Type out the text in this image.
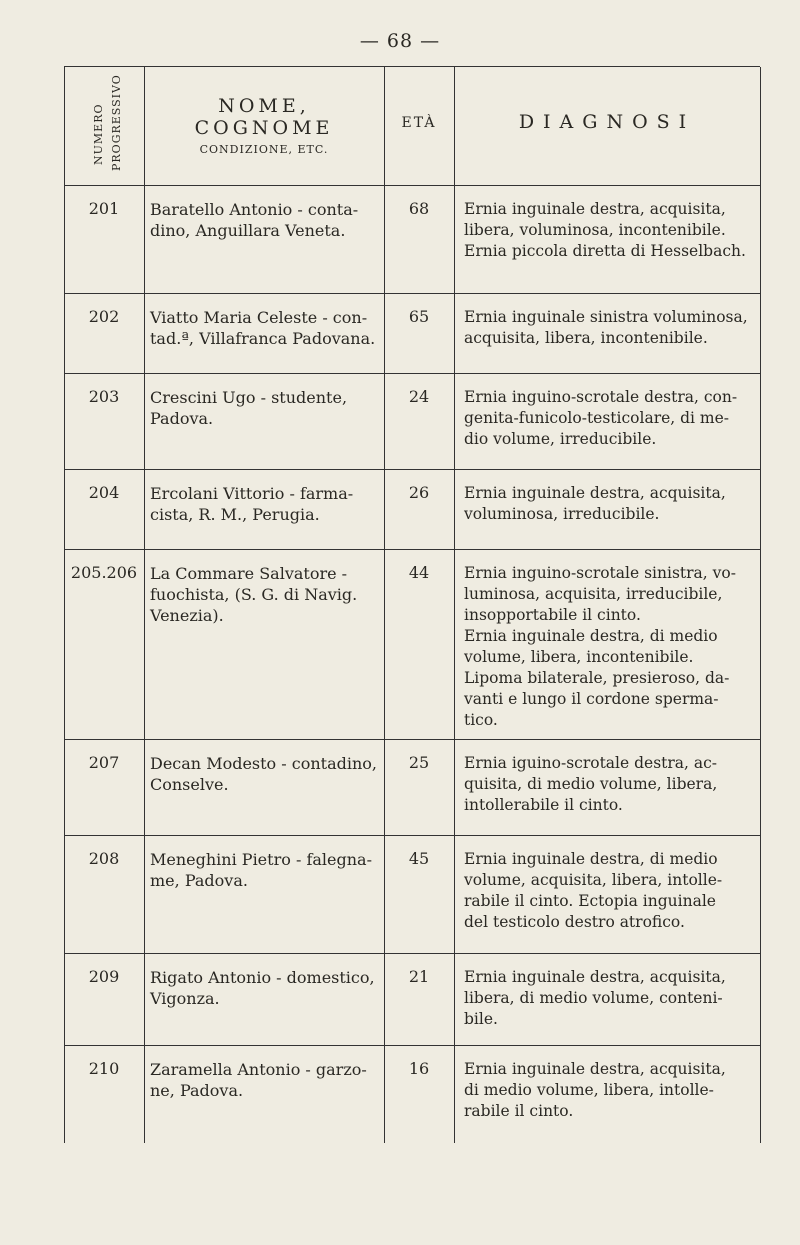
— 68 —
NUMERO PROGRESSIVO	NOME, COGNOME
CONDIZIONE, ETC.
ETÀ	DIAGNOSI
201	Baratello Antonio - conta-
dino, Anguillara Veneta.
68	Ernia inguinale destra, acquisita,
libera, voluminosa, incontenibile.
Ernia piccola diretta di Hesselbach.
202	Viatto Maria Celeste - con-
tad.ª, Villafranca Padovana.
65	Ernia inguinale sinistra voluminosa,
acquisita, libera, incontenibile.
203	Crescini Ugo - studente,
Padova.
24	Ernia inguino-scrotale destra, con-
genita-funicolo-testicolare, di me-
dio volume, irreducibile.
204	Ercolani Vittorio - farma-
cista, R. M., Perugia.
26	Ernia inguinale destra, acquisita,
voluminosa, irreducibile.
205.206 La Commare Salvatore -
fuochista, (S. G. di Navig.
Venezia).
44	Ernia inguino-scrotale sinistra, vo-
luminosa, acquisita, irreducibile,
insopportabile il cinto.
Ernia inguinale destra, di medio
volume, libera, incontenibile.
Lipoma bilaterale, presieroso, da-
vanti e lungo il cordone sperma-
tico.
207	Decan Modesto - contadino,
Conselve.
25	Ernia iguino-scrotale destra, ac-
quisita, di medio volume, libera,
intollerabile il cinto.
208	Meneghini Pietro - falegna-
me, Padova.
45	Ernia inguinale destra, di medio
volume, acquisita, libera, intolle-
rabile il cinto. Ectopia inguinale
del testicolo destro atrofico.
209	Rigato Antonio - domestico,
Vigonza.
21	Ernia inguinale destra, acquisita,
libera, di medio volume, conteni-
bile.
210	Zaramella Antonio - garzo-
ne, Padova.
16	Ernia inguinale destra, acquisita,
di medio volume, libera, intolle-
rabile il cinto.
